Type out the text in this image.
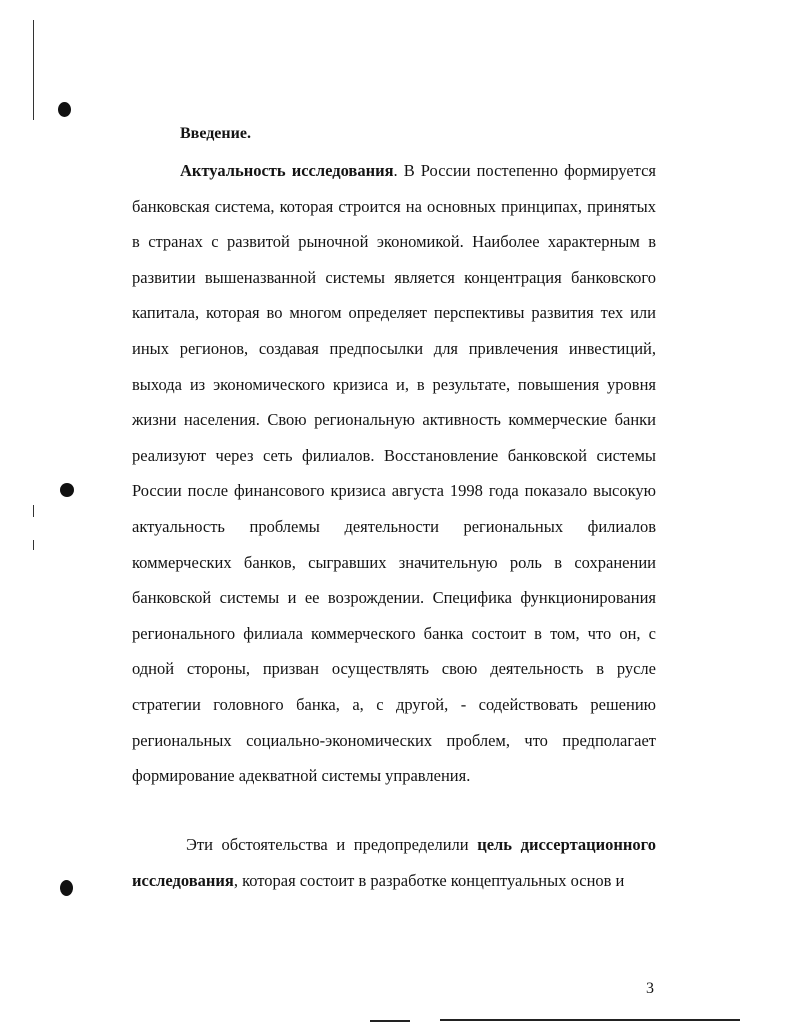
Введение.

Актуальность исследования. В России постепенно формируется банковская система, которая строится на основных принципах, принятых в странах с развитой рыночной экономикой. Наиболее характерным в развитии вышеназванной системы является концентрация банковского капитала, которая во многом определяет перспективы развития тех или иных регионов, создавая предпосылки для привлечения инвестиций, выхода из экономического кризиса и, в результате, повышения уровня жизни населения. Свою региональную активность коммерческие банки реализуют через сеть филиалов. Восстановление банковской системы России после финансового кризиса августа 1998 года показало высокую актуальность проблемы деятельности региональных филиалов коммерческих банков, сыгравших значительную роль в сохранении банковской системы и ее возрождении. Специфика функционирования регионального филиала коммерческого банка состоит в том, что он, с одной стороны, призван осуществлять свою деятельность в русле стратегии головного банка, а, с другой, - содействовать решению региональных социально-экономических проблем, что предполагает формирование адекватной системы управления.

Эти обстоятельства и предопределили цель диссертационного исследования, которая состоит в разработке концептуальных основ и

3
